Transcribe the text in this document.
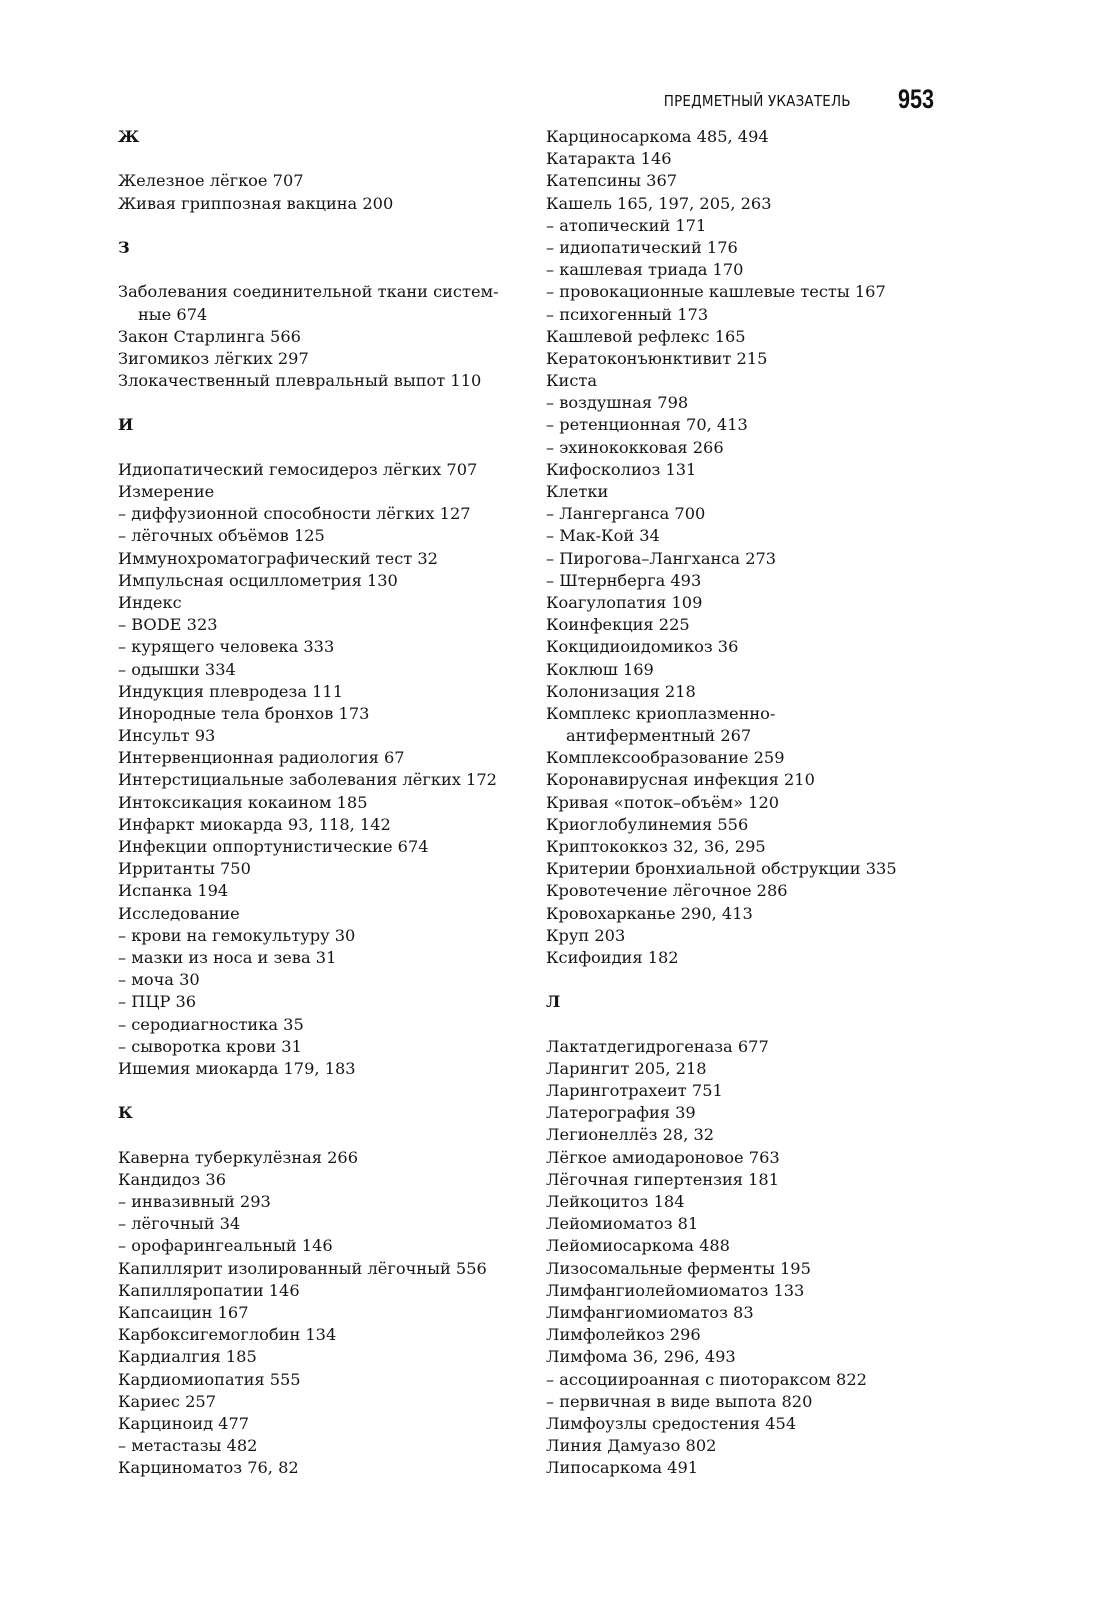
ПРЕДМЕТНЫЙ УКАЗАТЕЛЬ 953
Ж
Железное лёгкое 707
Живая гриппозная вакцина 200
З
Заболевания соединительной ткани систем-
ные 674
Закон Старлинга 566
Зигомикоз лёгких 297
Злокачественный плевральный выпот 110
И
Идиопатический гемосидероз лёгких 707
Измерение
– диффузионной способности лёгких 127
– лёгочных объёмов 125
Иммунохроматографический тест 32
Импульсная осциллометрия 130
Индекс
– BODE 323
– курящего человека 333
– одышки 334
Индукция плевродеза 111
Инородные тела бронхов 173
Инсульт 93
Интервенционная радиология 67
Интерстициальные заболевания лёгких 172
Интоксикация кокаином 185
Инфаркт миокарда 93, 118, 142
Инфекции оппортунистические 674
Ирританты 750
Испанка 194
Исследование
– крови на гемокультуру 30
– мазки из носа и зева 31
– моча 30
– ПЦР 36
– серодиагностика 35
– сыворотка крови 31
Ишемия миокарда 179, 183
К
Каверна туберкулёзная 266
Кандидоз 36
– инвазивный 293
– лёгочный 34
– орофарингеальный 146
Капиллярит изолированный лёгочный 556
Капилляропатии 146
Капсаицин 167
Карбоксигемоглобин 134
Кардиалгия 185
Кардиомиопатия 555
Кариес 257
Карциноид 477
– метастазы 482
Карциноматоз 76, 82
Карциносаркома 485, 494
Катаракта 146
Катепсины 367
Кашель 165, 197, 205, 263
– атопический 171
– идиопатический 176
– кашлевая триада 170
– провокационные кашлевые тесты 167
– психогенный 173
Кашлевой рефлекс 165
Кератоконъюнктивит 215
Киста
– воздушная 798
– ретенционная 70, 413
– эхинококковая 266
Кифосколиоз 131
Клетки
– Лангерганса 700
– Мак-Кой 34
– Пирогова–Лангханса 273
– Штернберга 493
Коагулопатия 109
Коинфекция 225
Кокцидиоидомикоз 36
Коклюш 169
Колонизация 218
Комплекс криоплазменно-
антиферментный 267
Комплексообразование 259
Коронавирусная инфекция 210
Кривая «поток–объём» 120
Криоглобулинемия 556
Криптококкоз 32, 36, 295
Критерии бронхиальной обструкции 335
Кровотечение лёгочное 286
Кровохарканье 290, 413
Круп 203
Ксифоидия 182
Л
Лактатдегидрогеназа 677
Ларингит 205, 218
Ларинготрахеит 751
Латерография 39
Легионеллёз 28, 32
Лёгкое амиодароновое 763
Лёгочная гипертензия 181
Лейкоцитоз 184
Лейомиоматоз 81
Лейомиосаркома 488
Лизосомальные ферменты 195
Лимфангиолейомиоматоз 133
Лимфангиомиоматоз 83
Лимфолейкоз 296
Лимфома 36, 296, 493
– ассоциироанная с пиотораксом 822
– первичная в виде выпота 820
Лимфоузлы средостения 454
Линия Дамуазо 802
Липосаркома 491
